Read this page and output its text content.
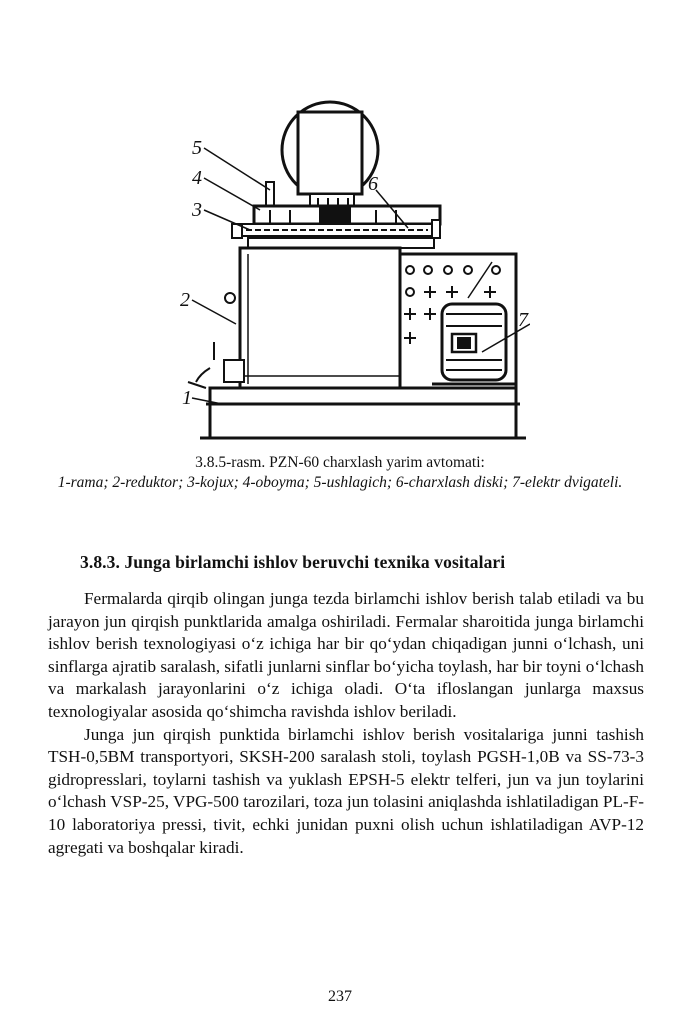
5
4
3
6
2
1
7
3.8.5-rasm. PZN-60 charxlash yarim avtomati:
1-rama; 2-reduktor; 3-kojux; 4-oboyma; 5-ushlagich; 6-charxlash diski; 7-elektr dvigateli.
3.8.3. Junga birlamchi ishlov beruvchi texnika vositalari

Fermalarda qirqib olingan junga tezda birlamchi ishlov berish talab etiladi va bu jarayon jun qirqish punktlarida amalga oshiriladi. Fermalar sharoitida junga birlamchi ishlov berish texnologiyasi o‘z ichiga har bir qo‘ydan chiqadigan junni o‘lchash, uni sinflarga ajratib saralash, sifatli junlarni sinflar bo‘yicha toylash, har bir toyni o‘lchash va markalash jarayonlarini o‘z ichiga oladi. O‘ta ifloslangan junlarga maxsus texnologiyalar asosida qo‘shimcha ravishda ishlov beriladi.

Junga jun qirqish punktida birlamchi ishlov berish vositalariga junni tashish TSH-0,5BM transportyori, SKSH-200 saralash stoli, toylash PGSH-1,0B va SS-73-3 gidropresslari, toylarni tashish va yuklash EPSH-5 elektr telferi, jun va jun toylarini o‘lchash VSP-25, VPG-500 tarozilari, toza jun tolasini aniqlashda ishlatiladigan PL-F-10 laboratoriya pressi, tivit, echki junidan puxni olish uchun ishlatiladigan AVP-12 agregati va boshqalar kiradi.

237
